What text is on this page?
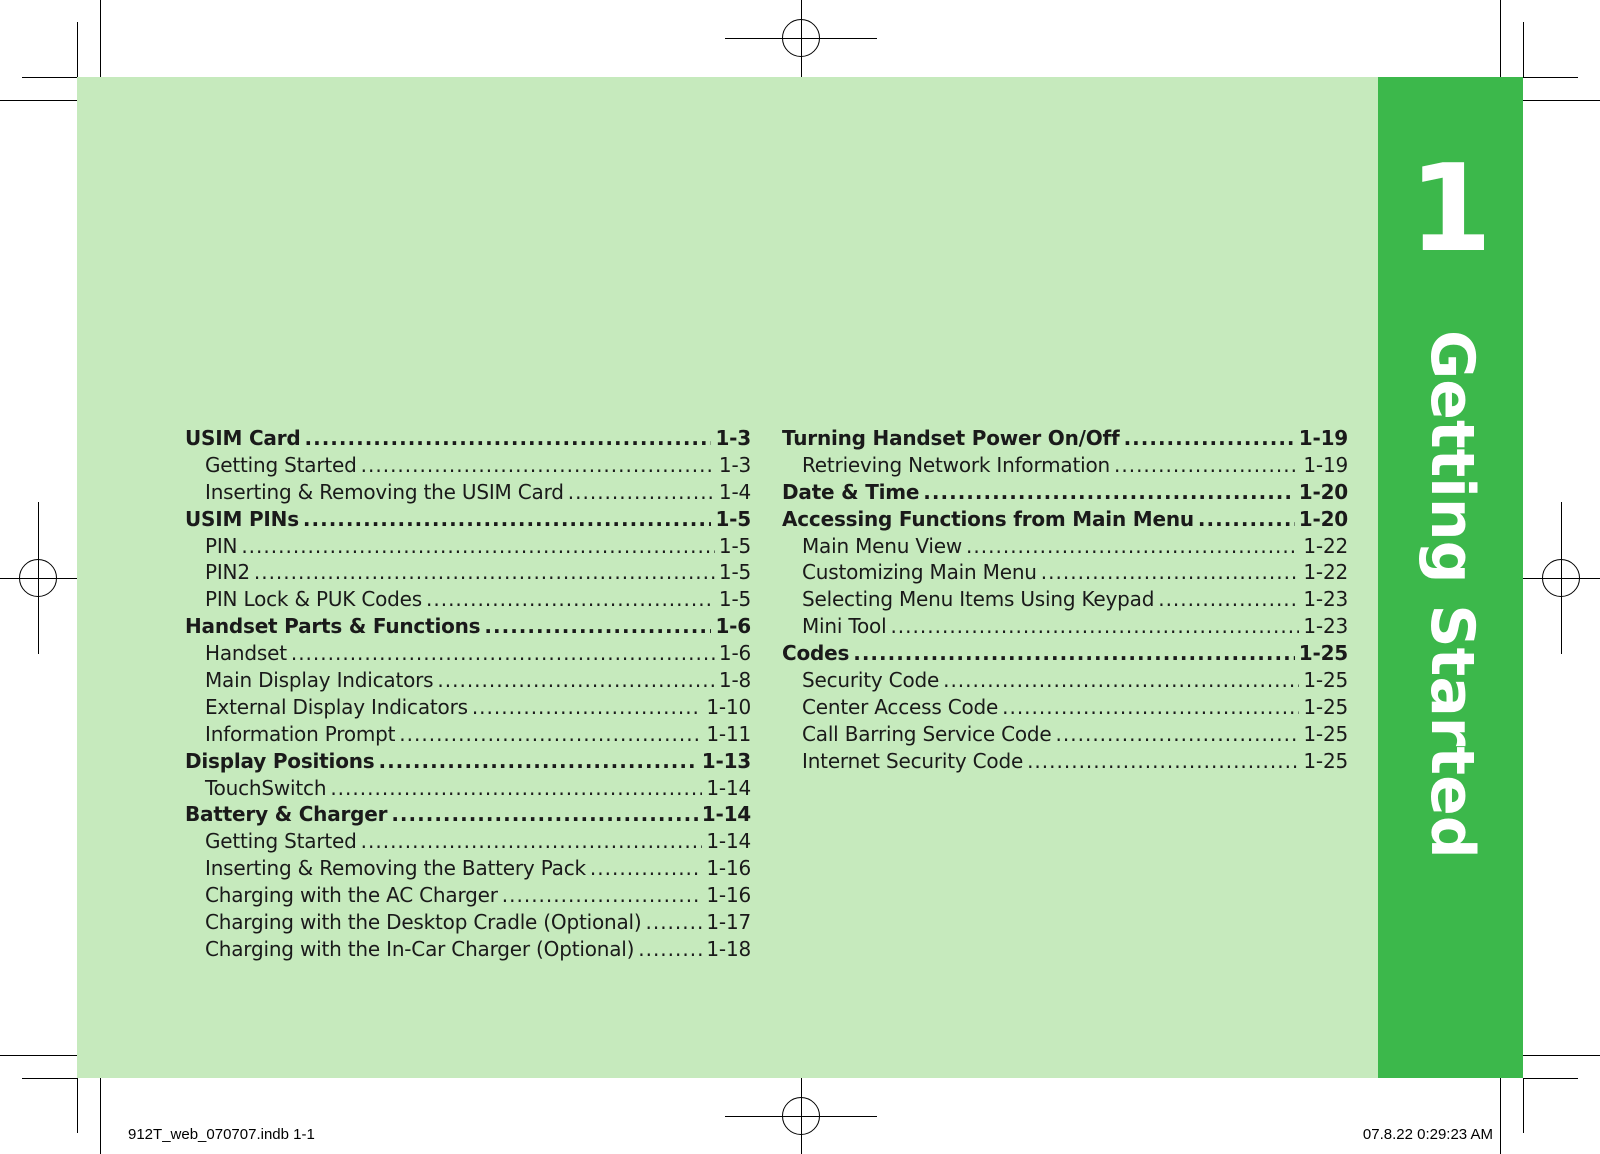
1
Getting Started
USIM Card .....	1-3
Getting Started .....	1-3
Inserting & Removing the USIM Card .....	1-4
USIM PINs .....	1-5
PIN .....	1-5
PIN2 .....	1-5
PIN Lock & PUK Codes .....	1-5
Handset Parts & Functions .....	1-6
Handset .....	1-6
Main Display Indicators .....	1-8
External Display Indicators .....	1-10
Information Prompt .....	1-11
Display Positions .....	1-13
TouchSwitch .....	1-14
Battery & Charger .....	1-14
Getting Started .....	1-14
Inserting & Removing the Battery Pack .....	1-16
Charging with the AC Charger .....	1-16
Charging with the Desktop Cradle (Optional) .....	1-17
Charging with the In-Car Charger (Optional) .....	1-18
Turning Handset Power On/Off .....	1-19
Retrieving Network Information .....	1-19
Date & Time .....	1-20
Accessing Functions from Main Menu .....	1-20
Main Menu View .....	1-22
Customizing Main Menu .....	1-22
Selecting Menu Items Using Keypad .....	1-23
Mini Tool .....	1-23
Codes .....	1-25
Security Code .....	1-25
Center Access Code .....	1-25
Call Barring Service Code .....	1-25
Internet Security Code .....	1-25
912T_web_070707.indb 1-1	07.8.22 0:29:23 AM
